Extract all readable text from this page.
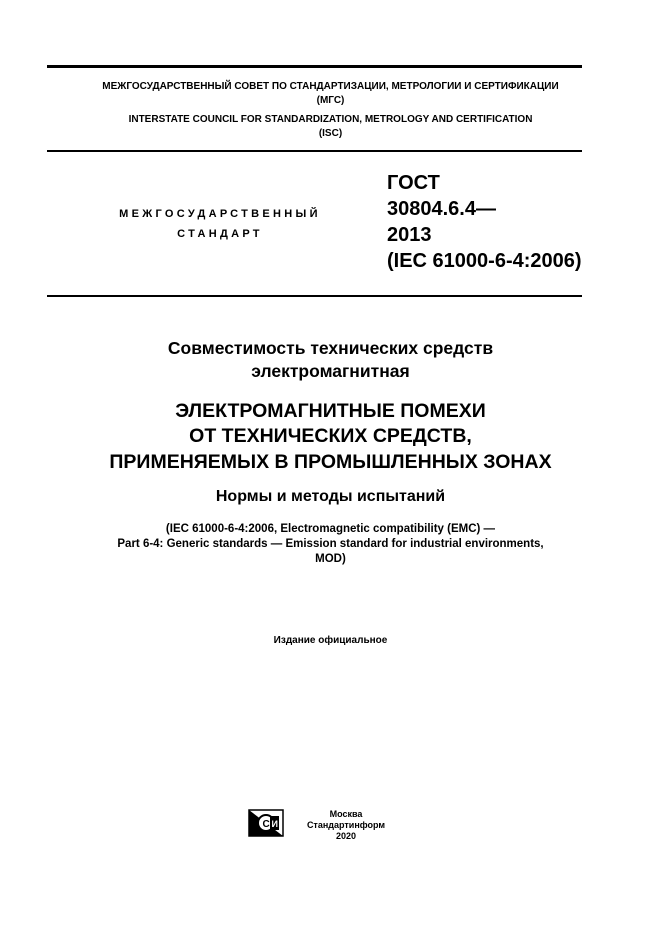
МЕЖГОСУДАРСТВЕННЫЙ СОВЕТ ПО СТАНДАРТИЗАЦИИ, МЕТРОЛОГИИ И СЕРТИФИКАЦИИ
(МГС)
INTERSTATE COUNCIL FOR STANDARDIZATION, METROLOGY AND CERTIFICATION
(ISC)
МЕЖГОСУДАРСТВЕННЫЙ
СТАНДАРТ
ГОСТ
30804.6.4—
2013
(IEC 61000-6-4:2006)
Совместимость технических средств
электромагнитная
ЭЛЕКТРОМАГНИТНЫЕ ПОМЕХИ
ОТ ТЕХНИЧЕСКИХ СРЕДСТВ,
ПРИМЕНЯЕМЫХ В ПРОМЫШЛЕННЫХ ЗОНАХ
Нормы и методы испытаний
(IEC 61000-6-4:2006, Electromagnetic compatibility (EMC) —
Part 6-4: Generic standards — Emission standard for industrial environments,
MOD)
Издание официальное
С И
Москва
Стандартинформ
2020
